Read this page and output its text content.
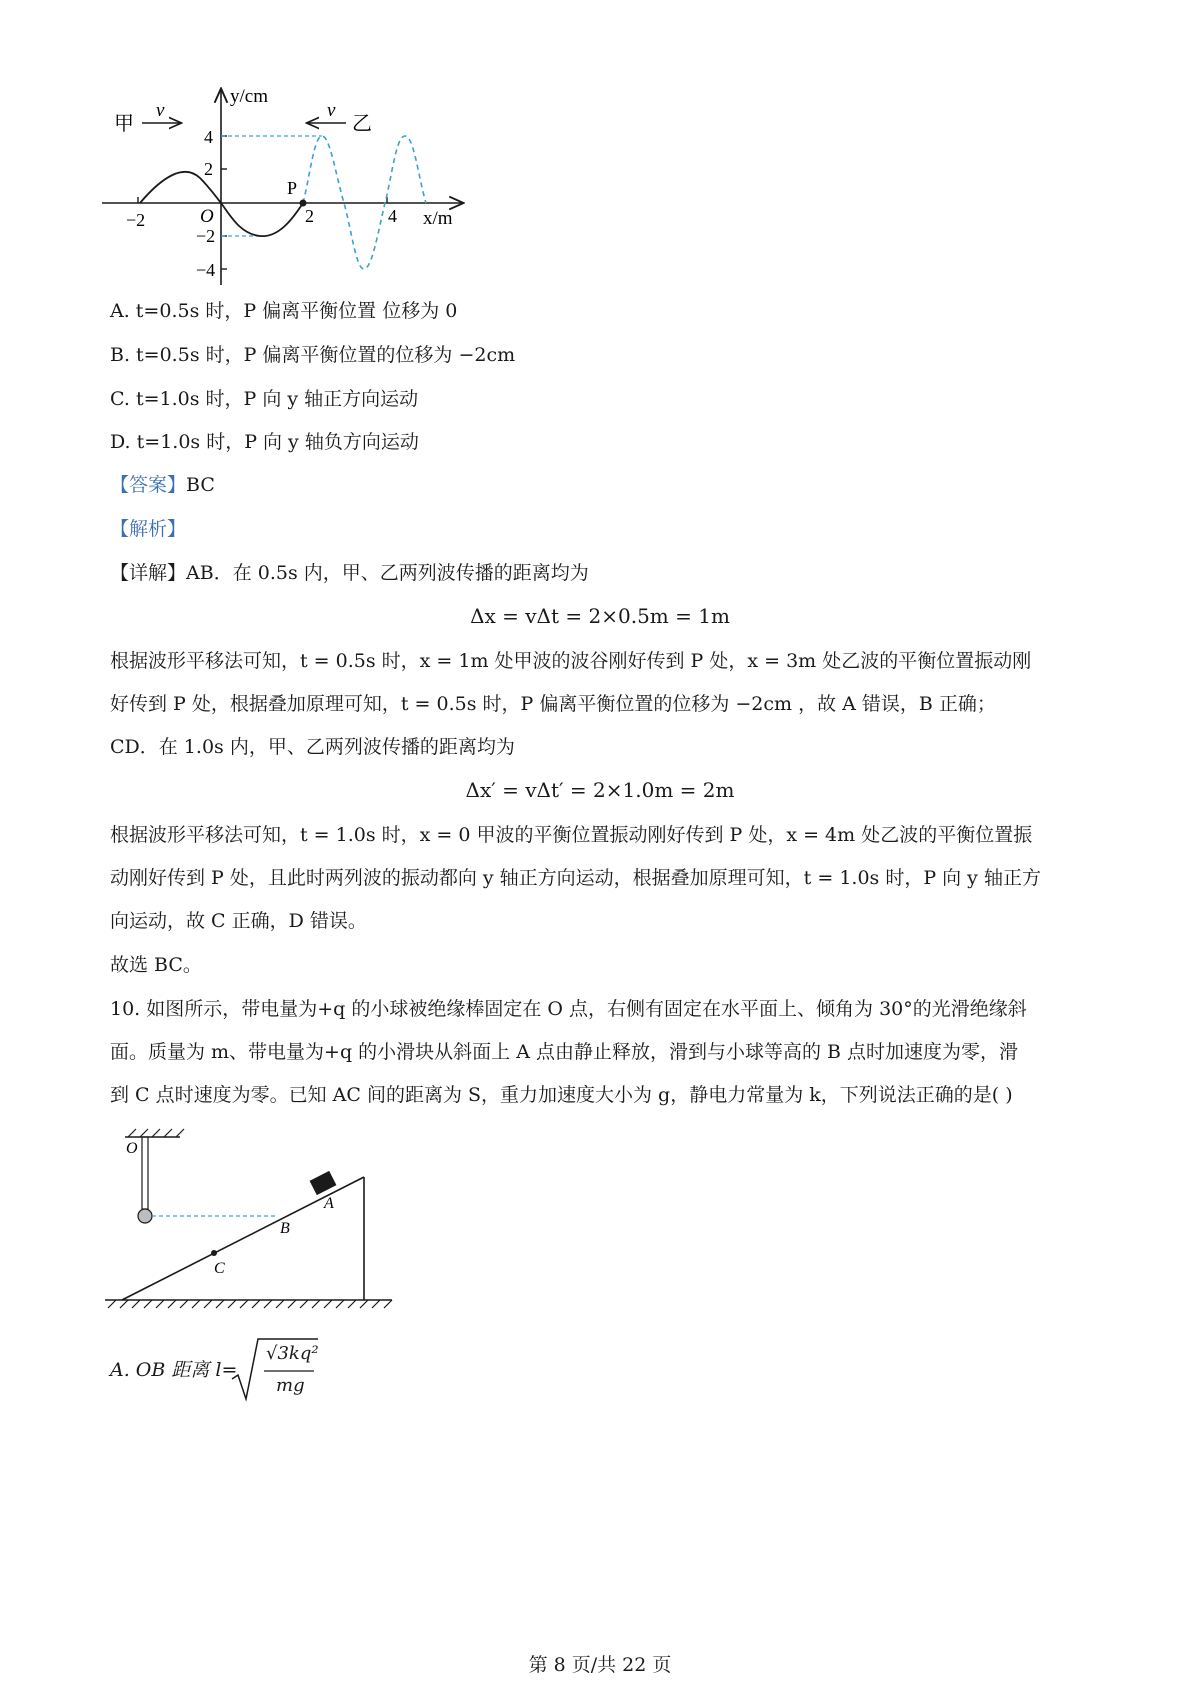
y/cm
x/m
O
甲	乙
v	v
P
−2	2	4
4
2
−2
−4
A. t=0.5s 时，P 偏离平衡位置 位移为 0
B. t=0.5s 时，P 偏离平衡位置的位移为 −2cm
C. t=1.0s 时，P 向 y 轴正方向运动
D. t=1.0s 时，P 向 y 轴负方向运动
【答案】BC
【解析】
【详解】AB．在 0.5s 内，甲、乙两列波传播的距离均为
Δx = vΔt = 2×0.5m = 1m
根据波形平移法可知，t = 0.5s 时，x = 1m 处甲波的波谷刚好传到 P 处，x = 3m 处乙波的平衡位置振动刚
好传到 P 处，根据叠加原理可知，t = 0.5s 时，P 偏离平衡位置的位移为 −2cm ，故 A 错误，B 正确；
CD．在 1.0s 内，甲、乙两列波传播的距离均为
Δx′ = vΔt′ = 2×1.0m = 2m
根据波形平移法可知，t = 1.0s 时，x = 0 甲波的平衡位置振动刚好传到 P 处，x = 4m 处乙波的平衡位置振
动刚好传到 P 处，且此时两列波的振动都向 y 轴正方向运动，根据叠加原理可知，t = 1.0s 时，P 向 y 轴正方
向运动，故 C 正确，D 错误。
故选 BC。
10. 如图所示，带电量为+q 的小球被绝缘棒固定在 O 点，右侧有固定在水平面上、倾角为 30°的光滑绝缘斜
面。质量为 m、带电量为+q 的小滑块从斜面上 A 点由静止释放，滑到与小球等高的 B 点时加速度为零，滑
到 C 点时速度为零。已知 AC 间的距离为 S，重力加速度大小为 g，静电力常量为 k，下列说法正确的是( )
O
A
B
C
A. OB 距离 l=
√3kq²
mg
第 8 页/共 22 页
